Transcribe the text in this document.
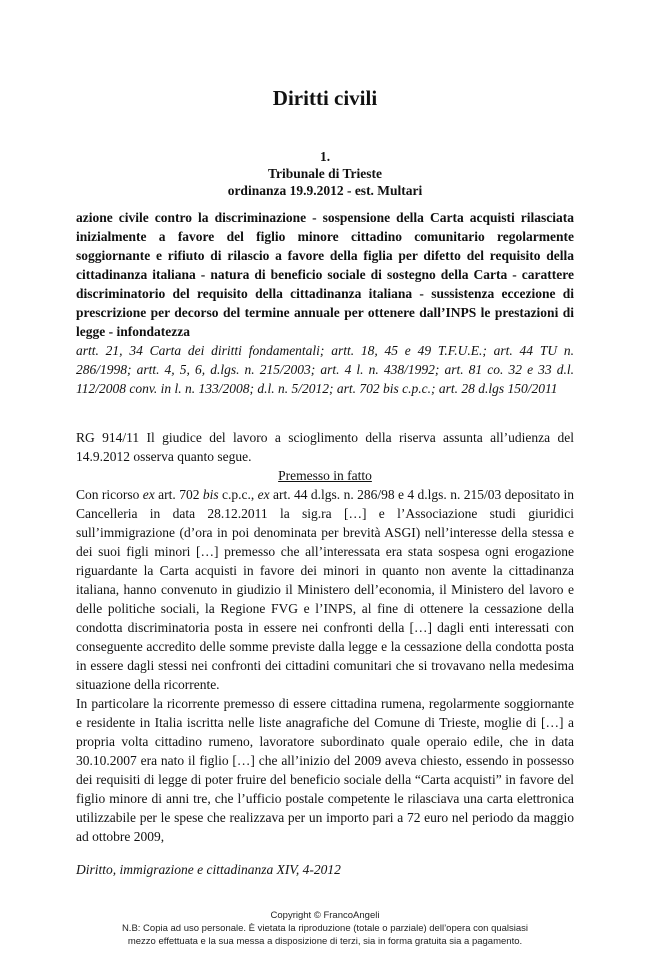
Diritti civili
1.
Tribunale di Trieste
ordinanza 19.9.2012 - est. Multari
azione civile contro la discriminazione - sospensione della Carta acquisti rilasciata inizialmente a favore del figlio minore cittadino comunitario regolarmente soggiornante e rifiuto di rilascio a favore della figlia per difetto del requisito della cittadinanza italiana - natura di beneficio sociale di sostegno della Carta - carattere discriminatorio del requisito della cittadinanza italiana - sussistenza eccezione di prescrizione per decorso del termine annuale per ottenere dall’INPS le prestazioni di legge - infondatezza
artt. 21, 34 Carta dei diritti fondamentali; artt. 18, 45 e 49 T.F.U.E.; art. 44 TU n. 286/1998; artt. 4, 5, 6, d.lgs. n. 215/2003; art. 4 l. n. 438/1992; art. 81 co. 32 e 33 d.l. 112/2008 conv. in l. n. 133/2008; d.l. n. 5/2012; art. 702 bis c.p.c.; art. 28 d.lgs 150/2011

RG 914/11 Il giudice del lavoro a scioglimento della riserva assunta all’udienza del 14.9.2012 osserva quanto segue.

Premesso in fatto

Con ricorso ex art. 702 bis c.p.c., ex art. 44 d.lgs. n. 286/98 e 4 d.lgs. n. 215/03 depositato in Cancelleria in data 28.12.2011 la sig.ra […] e l’Associazione studi giuridici sull’immigrazione (d’ora in poi denominata per brevità ASGI) nell’interesse della stessa e dei suoi figli minori […] premesso che all’interessata era stata sospesa ogni erogazione riguardante la Carta acquisti in favore dei minori in quanto non avente la cittadinanza italiana, hanno convenuto in giudizio il Ministero dell’economia, il Ministero del lavoro e delle politiche sociali, la Regione FVG e l’INPS, al fine di ottenere la cessazione della condotta discriminatoria posta in essere nei confronti della […] dagli enti interessati con conseguente accredito delle somme previste dalla legge e la cessazione della condotta posta in essere dagli stessi nei confronti dei cittadini comunitari che si trovavano nella medesima situazione della ricorrente.

In particolare la ricorrente premesso di essere cittadina rumena, regolarmente soggiornante e residente in Italia iscritta nelle liste anagrafiche del Comune di Trieste, moglie di […] a propria volta cittadino rumeno, lavoratore subordinato quale operaio edile, che in data 30.10.2007 era nato il figlio […] che all’inizio del 2009 aveva chiesto, essendo in possesso dei requisiti di legge di poter fruire del beneficio sociale della “Carta acquisti” in favore del figlio minore di anni tre, che l’ufficio postale competente le rilasciava una carta elettronica utilizzabile per le spese che realizzava per un importo pari a 72 euro nel periodo da maggio ad ottobre 2009,

Diritto, immigrazione e cittadinanza XIV, 4-2012
Copyright © FrancoAngeli
N.B: Copia ad uso personale. È vietata la riproduzione (totale o parziale) dell’opera con qualsiasi
mezzo effettuata e la sua messa a disposizione di terzi, sia in forma gratuita sia a pagamento.
